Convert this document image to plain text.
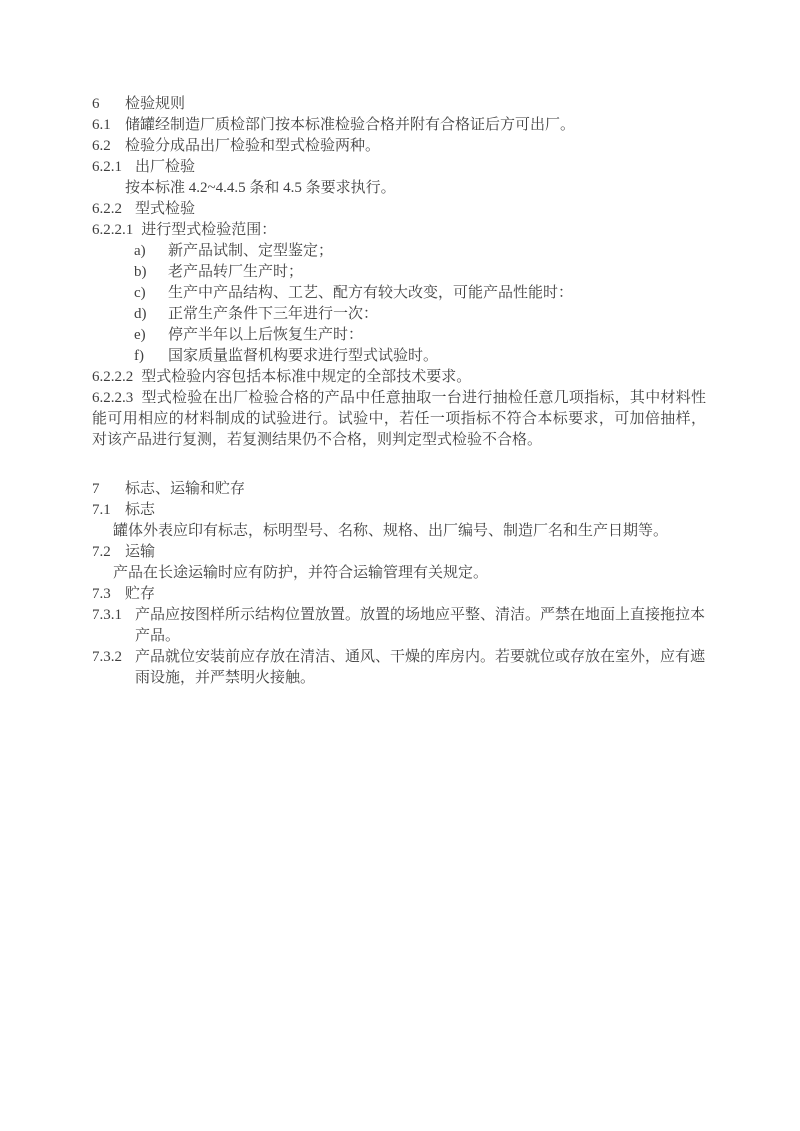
6	检验规则
6.1 储罐经制造厂质检部门按本标准检验合格并附有合格证后方可出厂。
6.2 检验分成品出厂检验和型式检验两种。
6.2.1 出厂检验
按本标准 4.2~4.4.5 条和 4.5 条要求执行。
6.2.2 型式检验
6.2.2.1 进行型式检验范围：
a)	新产品试制、定型鉴定；
b)	老产品转厂生产时；
c)	生产中产品结构、工艺、配方有较大改变，可能产品性能时：
d)	正常生产条件下三年进行一次：
e)	停产半年以上后恢复生产时：
f)	国家质量监督机构要求进行型式试验时。
6.2.2.2 型式检验内容包括本标准中规定的全部技术要求。
6.2.2.3 型式检验在出厂检验合格的产品中任意抽取一台进行抽检任意几项指标，其中材料性能可用相应的材料制成的试验进行。试验中，若任一项指标不符合本标要求，可加倍抽样，对该产品进行复测，若复测结果仍不合格，则判定型式检验不合格。
7	标志、运输和贮存
7.1 标志
罐体外表应印有标志，标明型号、名称、规格、出厂编号、制造厂名和生产日期等。
7.2 运输
产品在长途运输时应有防护，并符合运输管理有关规定。
7.3 贮存
7.3.1 产品应按图样所示结构位置放置。放置的场地应平整、清洁。严禁在地面上直接拖拉本产品。
7.3.2 产品就位安装前应存放在清洁、通风、干燥的库房内。若要就位或存放在室外，应有遮雨设施，并严禁明火接触。
